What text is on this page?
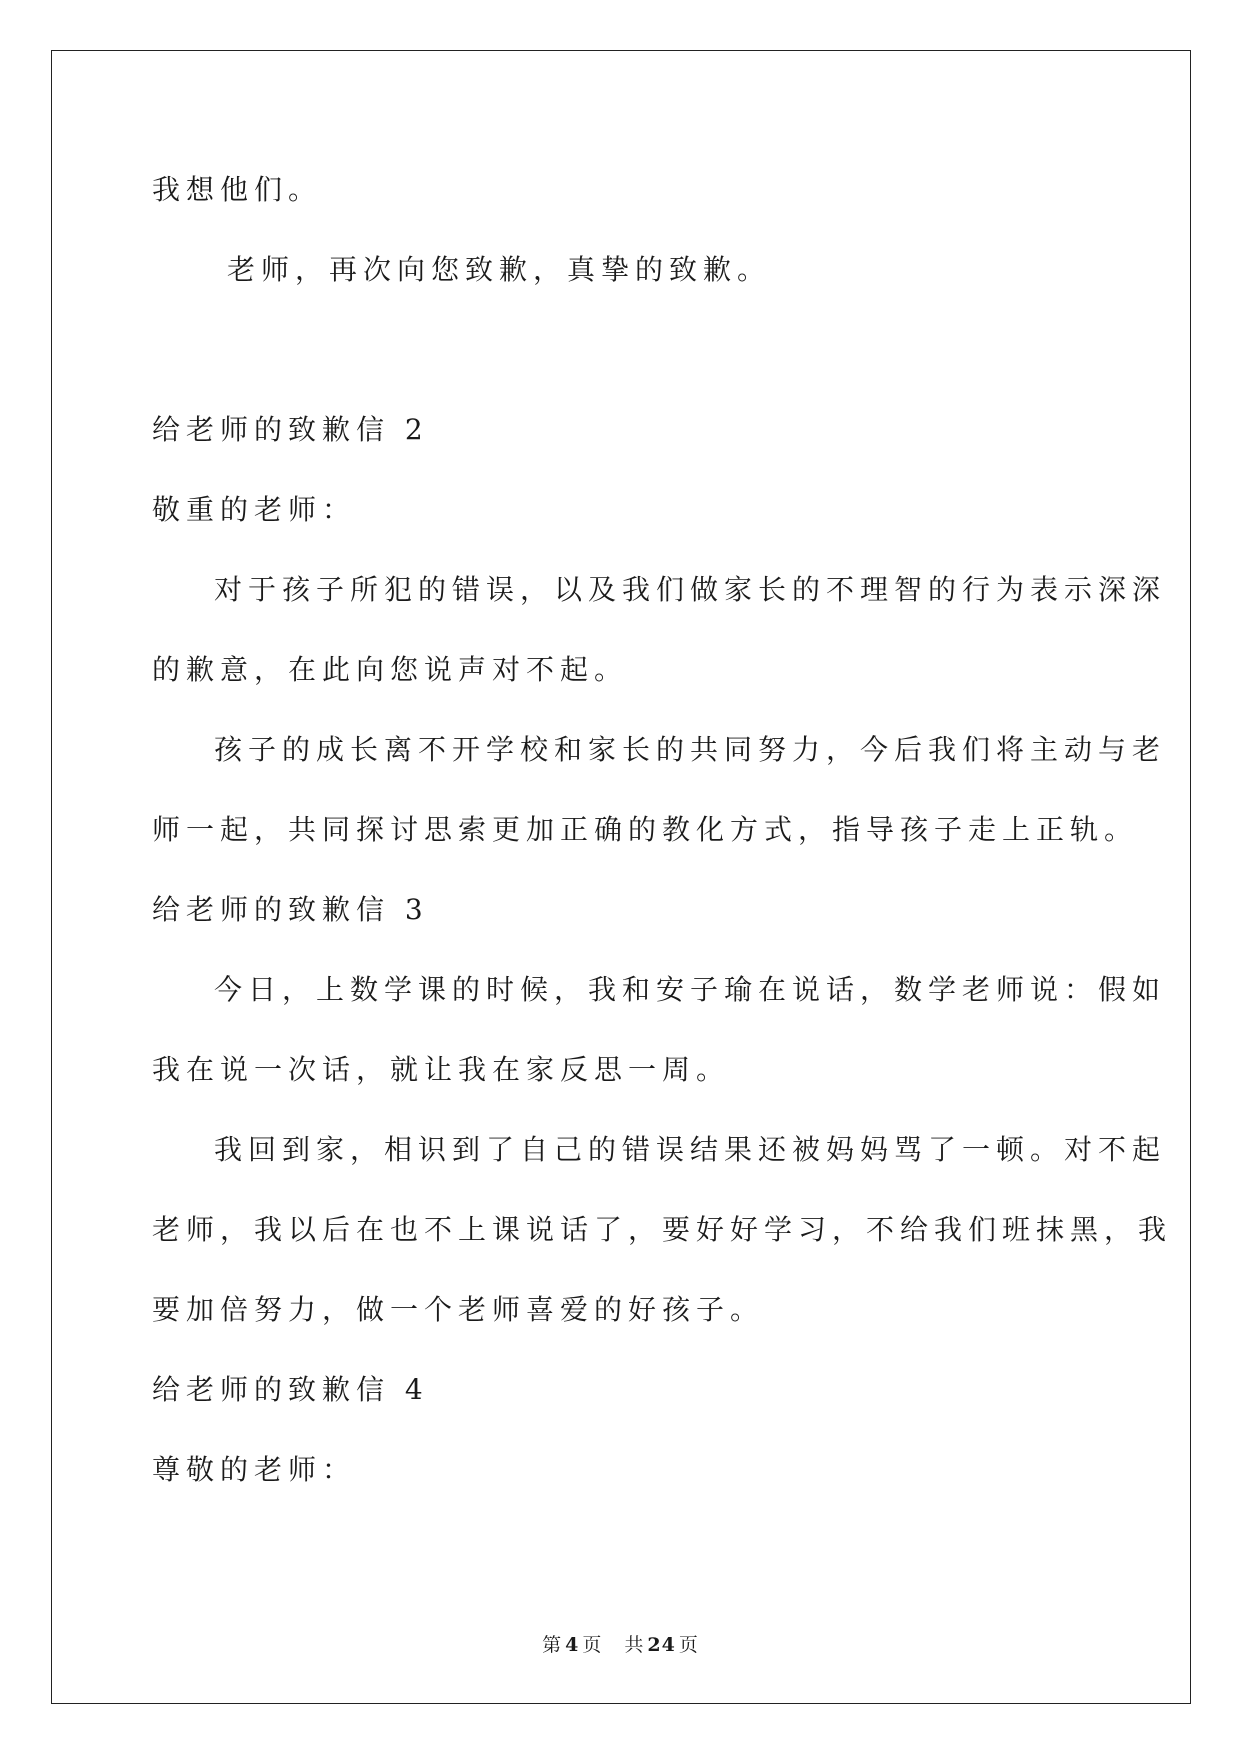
我想他们。
老师，再次向您致歉，真挚的致歉。
给老师的致歉信 2
敬重的老师：
对于孩子所犯的错误，以及我们做家长的不理智的行为表示深深
的歉意，在此向您说声对不起。
孩子的成长离不开学校和家长的共同努力，今后我们将主动与老
师一起，共同探讨思索更加正确的教化方式，指导孩子走上正轨。
给老师的致歉信 3
今日，上数学课的时候，我和安子瑜在说话，数学老师说：假如
我在说一次话，就让我在家反思一周。
我回到家，相识到了自己的错误结果还被妈妈骂了一顿。对不起
老师，我以后在也不上课说话了，要好好学习，不给我们班抹黑，我
要加倍努力，做一个老师喜爱的好孩子。
给老师的致歉信 4
尊敬的老师：
第 4 页 共 24 页
